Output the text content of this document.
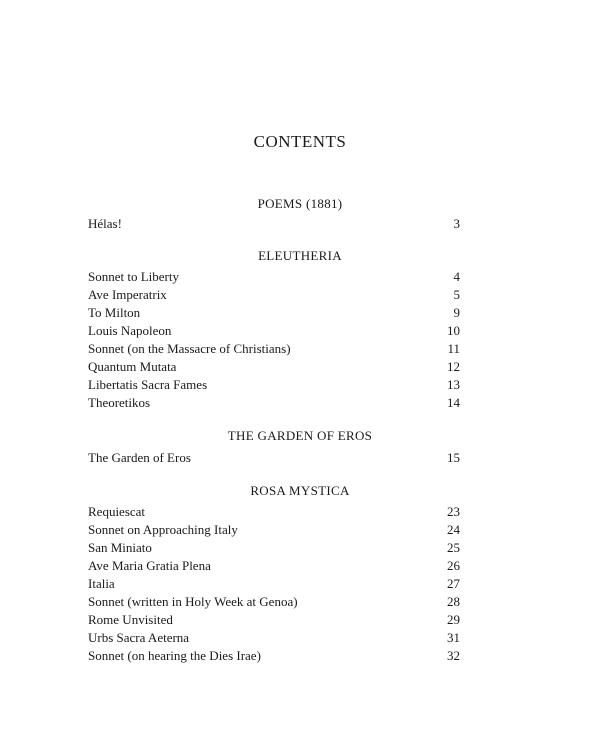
CONTENTS
POEMS (1881)
Hélas!	3
ELEUTHERIA
Sonnet to Liberty	4
Ave Imperatrix	5
To Milton	9
Louis Napoleon	10
Sonnet (on the Massacre of Christians)	11
Quantum Mutata	12
Libertatis Sacra Fames	13
Theoretikos	14
THE GARDEN OF EROS
The Garden of Eros	15
ROSA MYSTICA
Requiescat	23
Sonnet on Approaching Italy	24
San Miniato	25
Ave Maria Gratia Plena	26
Italia	27
Sonnet (written in Holy Week at Genoa)	28
Rome Unvisited	29
Urbs Sacra Aeterna	31
Sonnet (on hearing the Dies Irae)	32
